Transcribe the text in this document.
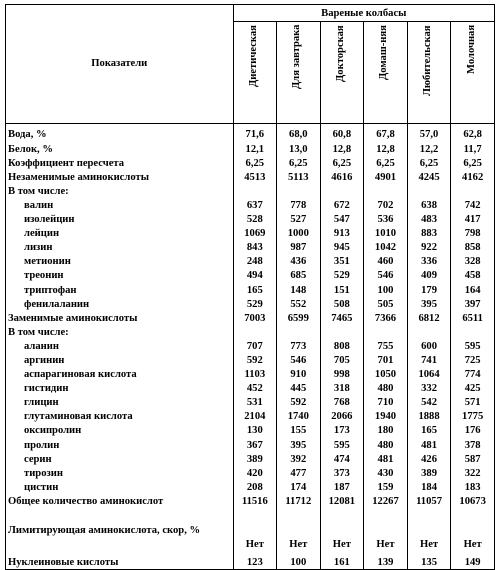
Показатели	Вареные колбасы					

	Диетическая	Для завтрака	Докторская	Домаш-няя	Любительская	Молочная

Вода, %	71,6	68,0	60,8	67,8	57,0	62,8
Белок, %	12,1	13,0	12,8	12,8	12,2	11,7
Коэффициент пересчета	6,25	6,25	6,25	6,25	6,25	6,25
Незаменимые аминокислоты	4513	5113	4616	4901	4245	4162
В том числе:						
валин	637	778	672	702	638	742
изолейцин	528	527	547	536	483	417
лейцин	1069	1000	913	1010	883	798
лизин	843	987	945	1042	922	858
метионин	248	436	351	460	336	328
треонин	494	685	529	546	409	458
триптофан	165	148	151	100	179	164
фенилаланин	529	552	508	505	395	397
Заменимые аминокислоты	7003	6599	7465	7366	6812	6511
В том числе:						
аланин	707	773	808	755	600	595
аргинин	592	546	705	701	741	725
аспарагиновая кислота	1103	910	998	1050	1064	774
гистидин	452	445	318	480	332	425
глицин	531	592	768	710	542	571
глутаминовая кислота	2104	1740	2066	1940	1888	1775
оксипролин	130	155	173	180	165	176
пролин	367	395	595	480	481	378
серин	389	392	474	481	426	587
тирозин	420	477	373	430	389	322
цистин	208	174	187	159	184	183
Общее количество аминокислот	11516	11712	12081	12267	11057	10673
Лимитирующая аминокислота, скор, %	Нет	Нет	Нет	Нет	Нет	Нет
Нуклеиновые кислоты	123	100	161	139	135	149
